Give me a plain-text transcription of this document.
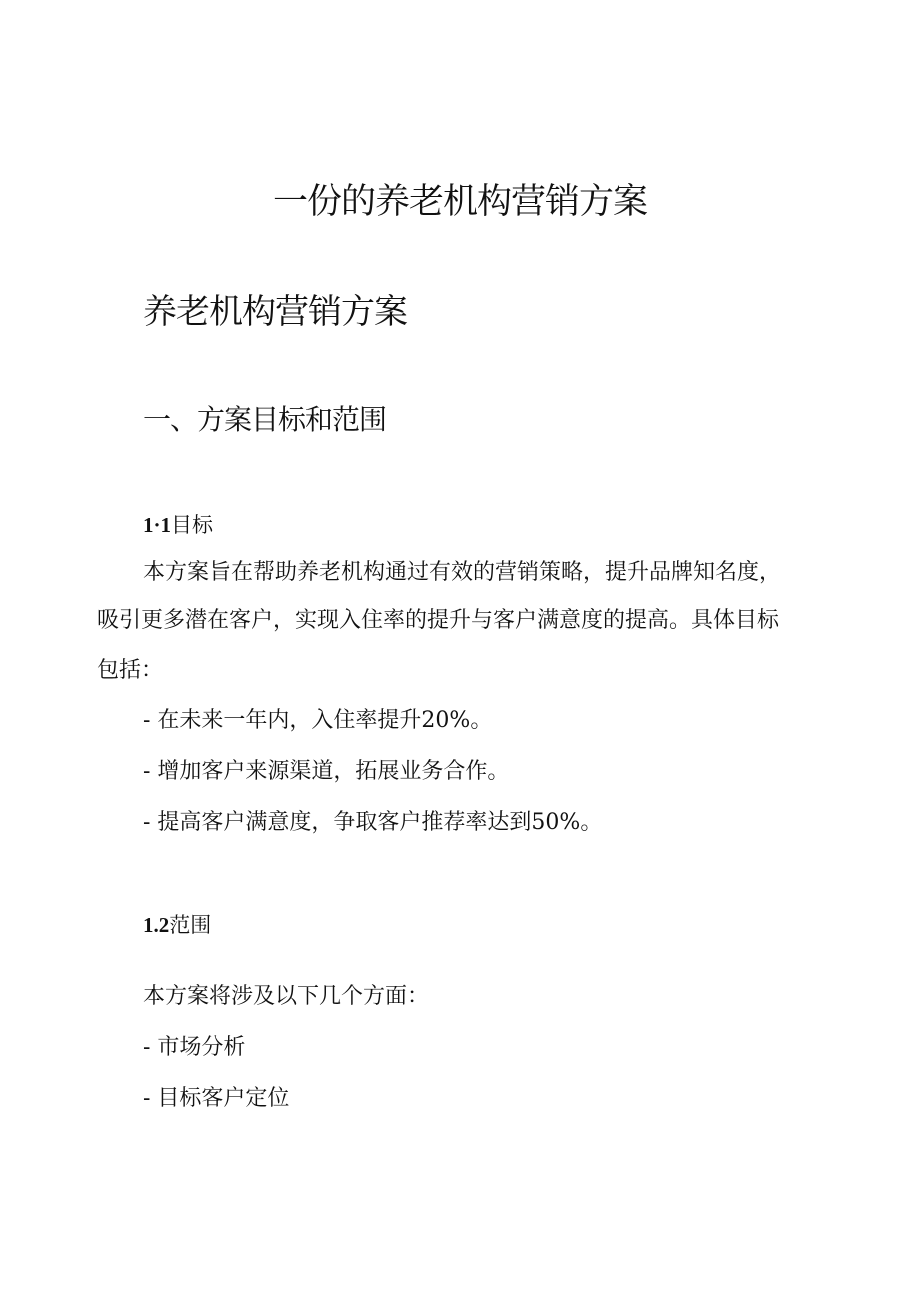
一份的养老机构营销方案
养老机构营销方案
一、方案目标和范围
1·1目标

本方案旨在帮助养老机构通过有效的营销策略，提升品牌知名度，

吸引更多潜在客户，实现入住率的提升与客户满意度的提高。具体目标

包括：

- 在未来一年内，入住率提升20%。

- 增加客户来源渠道，拓展业务合作。

- 提高客户满意度，争取客户推荐率达到50%。

1.2范围

本方案将涉及以下几个方面：

- 市场分析

- 目标客户定位
